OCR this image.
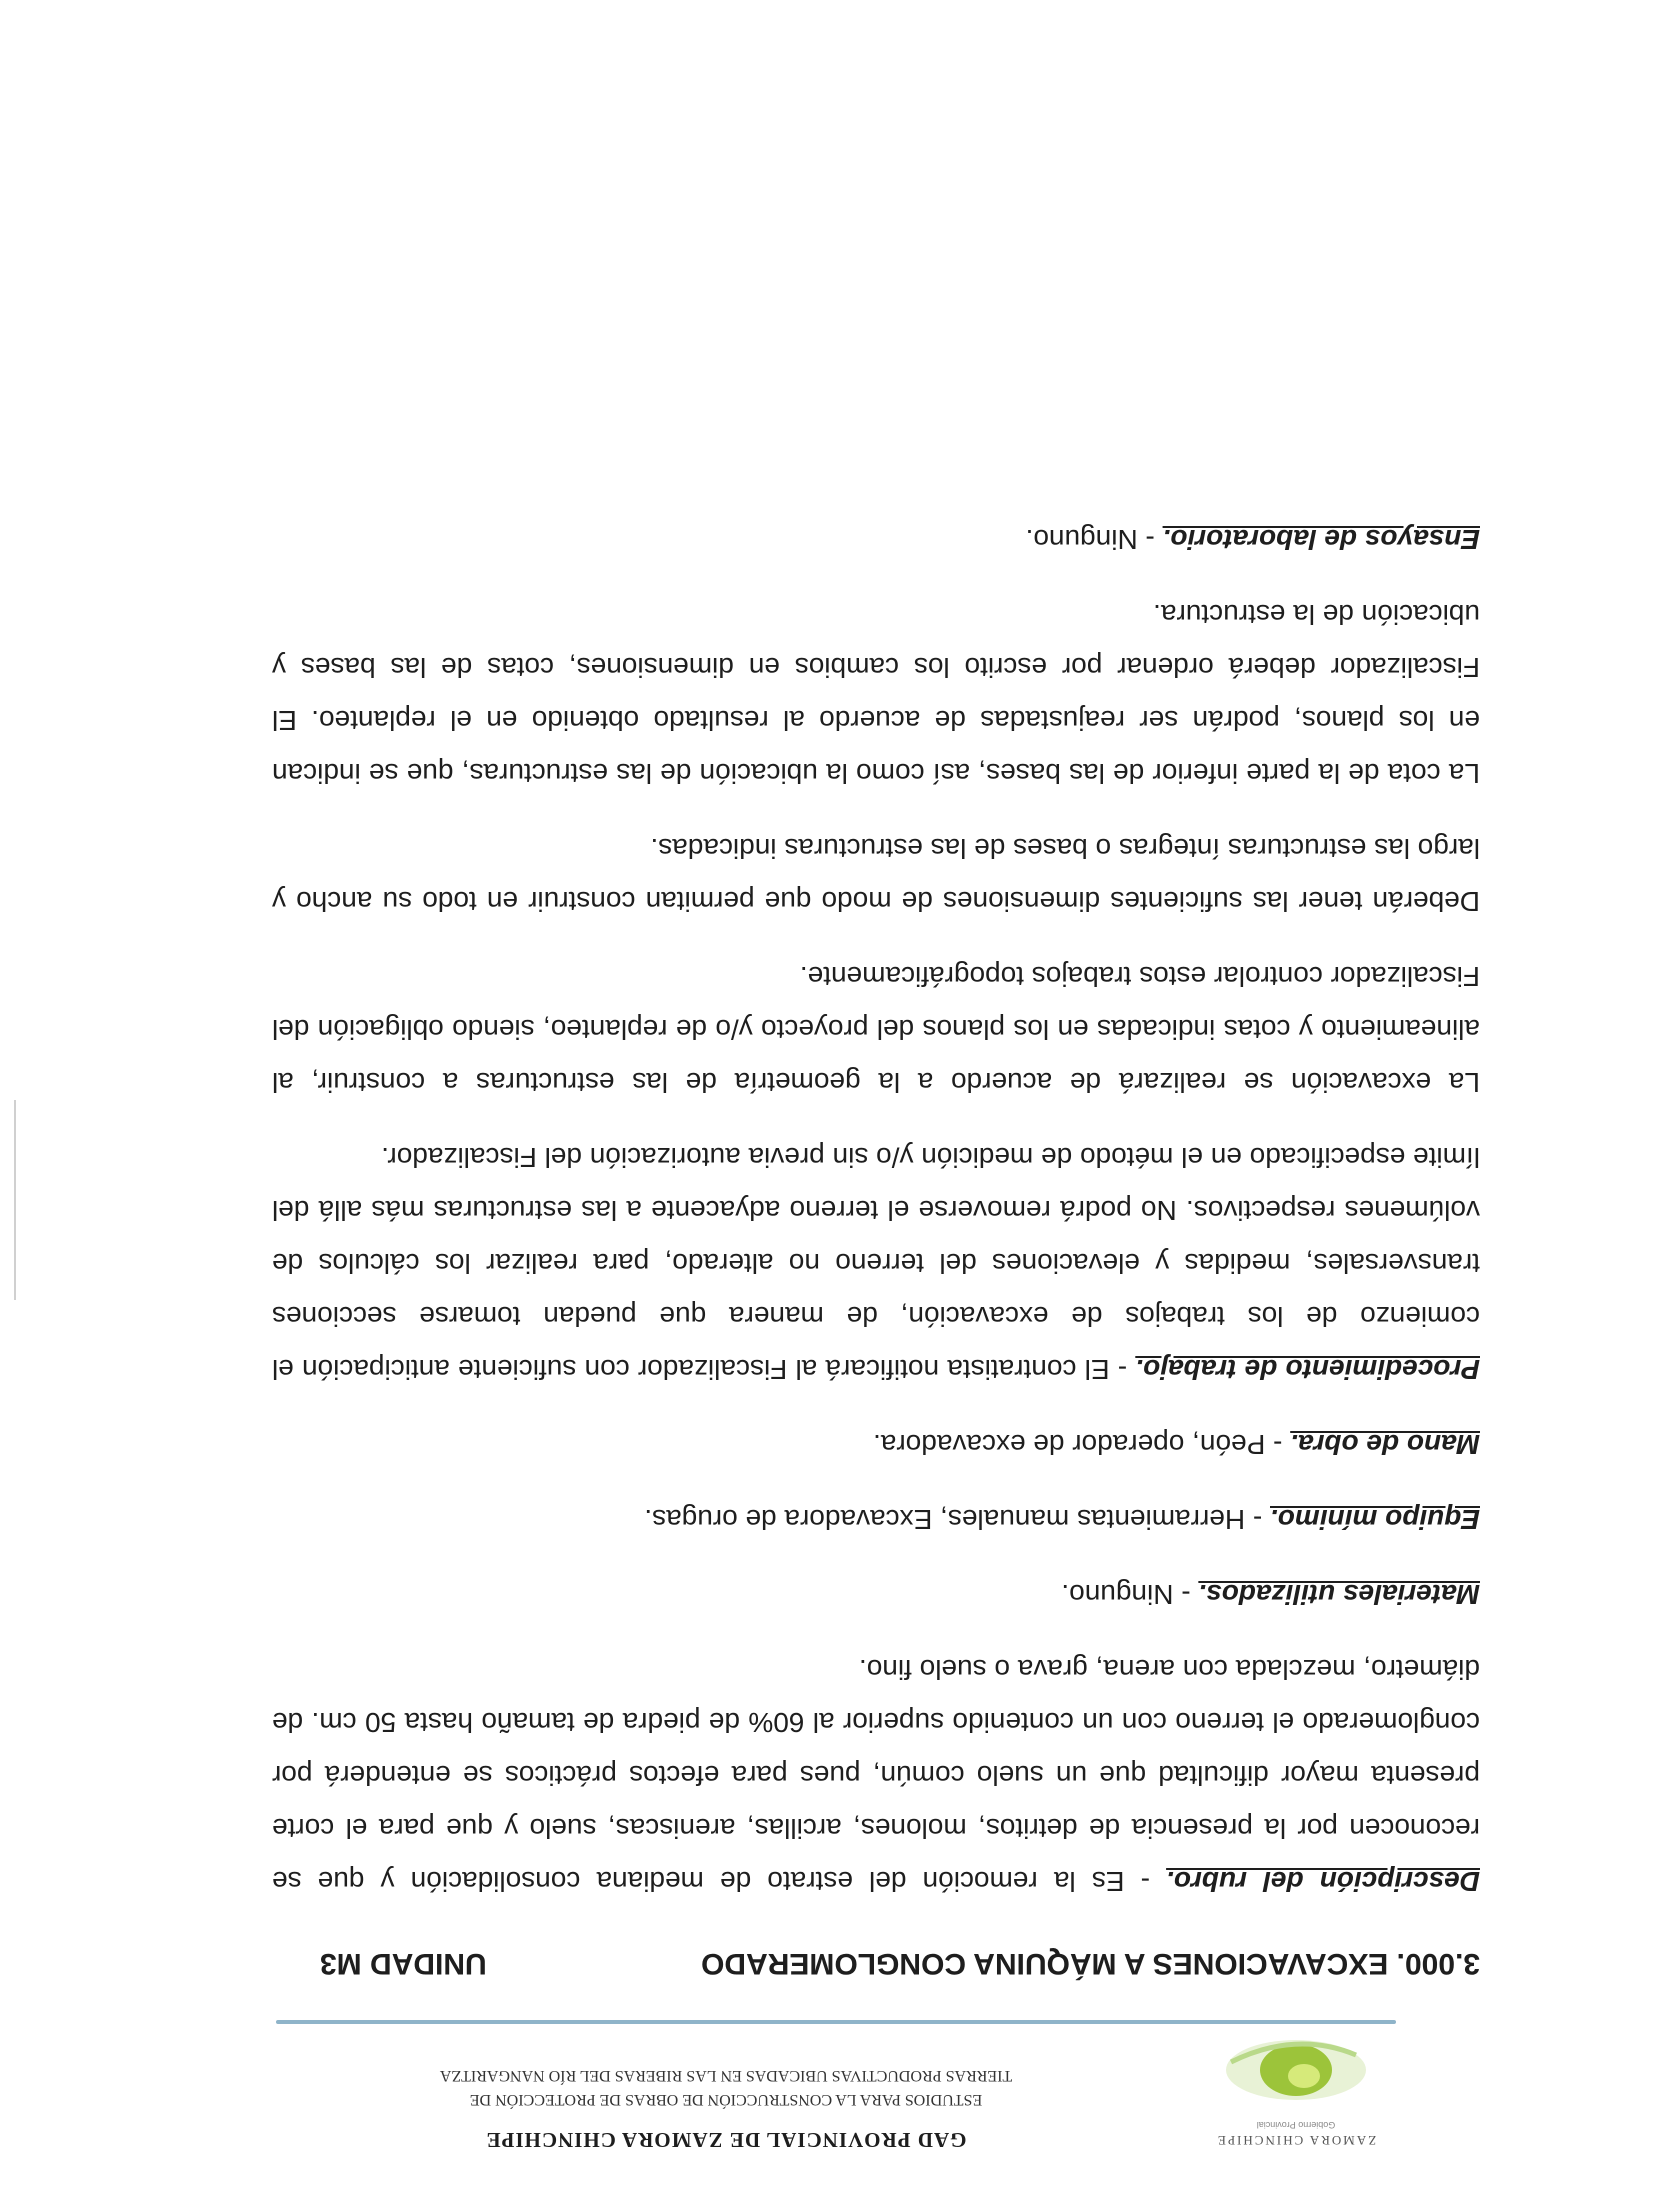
ZAMORA CHINCHIPE
Gobierno Provincial
GAD PROVINCIAL DE ZAMORA CHINCHIPE
ESTUDIOS PARA LA CONSTRUCCIÓN DE OBRAS DE PROTECCIÓN DE
TIERRAS PRODUCTIVAS UBICADAS EN LAS RIBERAS DEL RÍO NANGARITZA
3.000. EXCAVACIONES A MÁQUINA CONGLOMERADO
UNIDAD M3

Descripción del rubro. - Es la remoción del estrato de mediana consolidación y que se reconocen por la presencia de detritos, molones, arcillas, areniscas, suelo y que para el corte presenta mayor dificultad que un suelo común, pues para efectos prácticos se entenderá por conglomerado el terreno con un contenido superior al 60% de piedra de tamaño hasta 50 cm. de diámetro, mezclada con arena, grava o suelo fino.

Materiales utilizados. - Ninguno.

Equipo mínimo. - Herramientas manuales, Excavadora de orugas.

Mano de obra. - Peón, operador de excavadora.

Procedimiento de trabajo. - El contratista notificará al Fiscalizador con suficiente anticipación el comienzo de los trabajos de excavación, de manera que puedan tomarse secciones transversales, medidas y elevaciones del terreno no alterado, para realizar los cálculos de volúmenes respectivos. No podrá removerse el terreno adyacente a las estructuras más allá del límite especificado en el método de medición y/o sin previa autorización del Fiscalizador.

La excavación se realizará de acuerdo a la geometría de las estructuras a construir, al alineamiento y cotas indicadas en los planos del proyecto y/o de replanteo, siendo obligación del Fiscalizador controlar estos trabajos topográficamente.

Deberán tener las suficientes dimensiones de modo que permitan construir en todo su ancho y largo las estructuras íntegras o bases de las estructuras indicadas.

La cota de la parte inferior de las bases, así como la ubicación de las estructuras, que se indican en los planos, podrán ser reajustadas de acuerdo al resultado obtenido en el replanteo. El Fiscalizador deberá ordenar por escrito los cambios en dimensiones, cotas de las bases y ubicación de la estructura.

Ensayos de laboratorio. - Ninguno.
